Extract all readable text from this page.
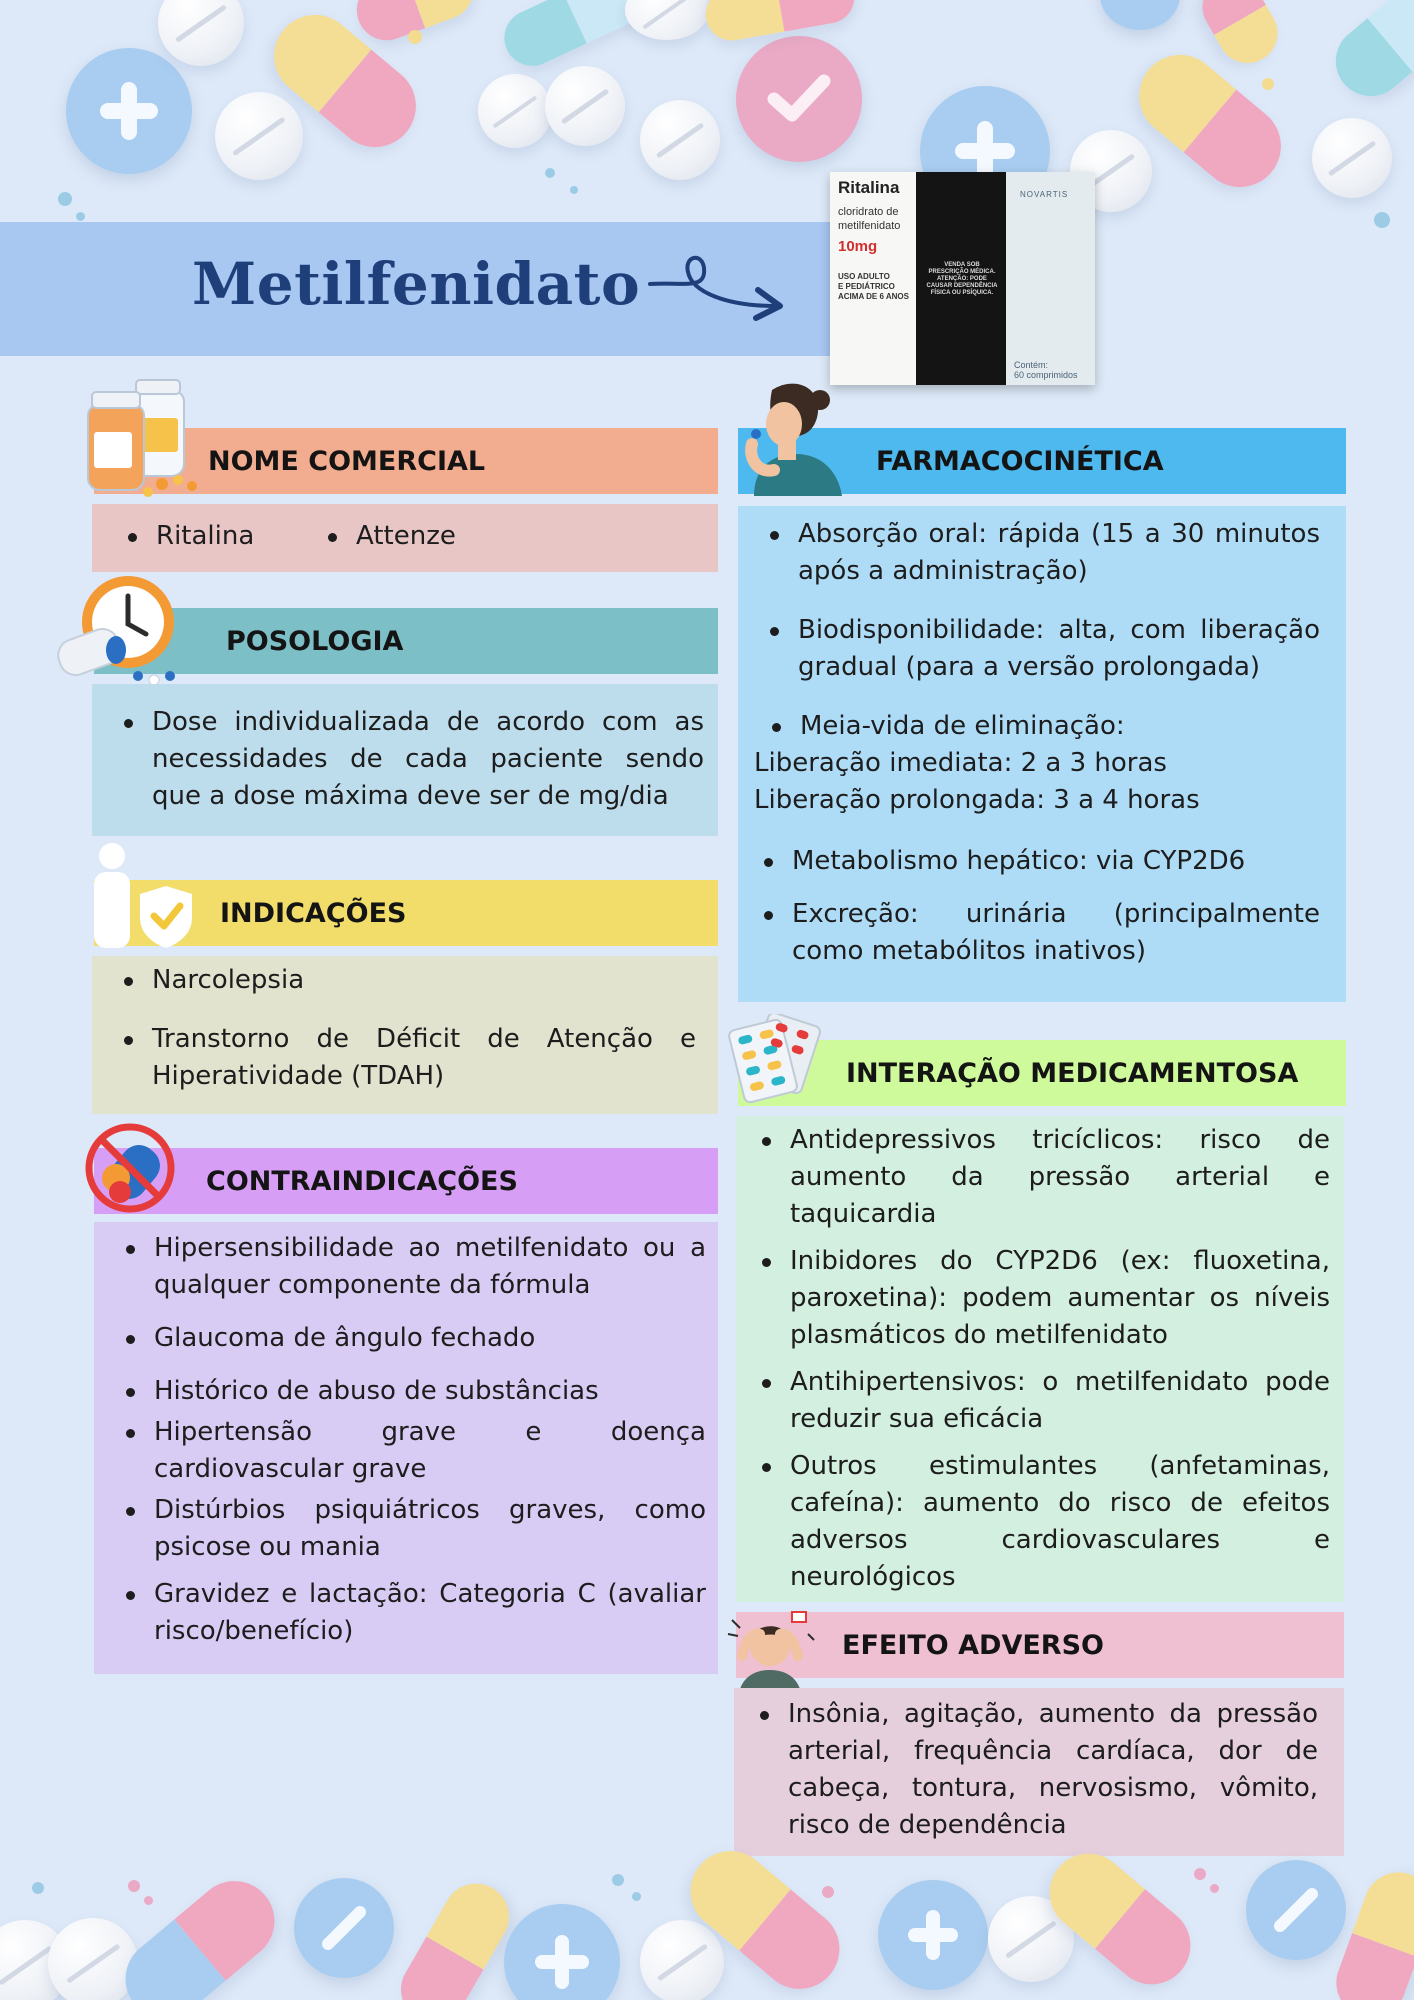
Metilfenidato
Ritalina
cloridrato de
metilfenidato
10mg
USO ADULTO
E PEDIÁTRICO
ACIMA DE 6 ANOS
VENDA SOB PRESCRIÇÃO MÉDICA. ATENÇÃO: PODE CAUSAR DEPENDÊNCIA FÍSICA OU PSÍQUICA.
NOVARTIS
Contém:
60 comprimidos
NOME COMERCIAL
Ritalina	Attenze
POSOLOGIA
Dose individualizada de acordo com as necessidades de cada paciente sendo que a dose máxima deve ser de mg/dia
INDICAÇÕES
Narcolepsia
Transtorno de Déficit de Atenção e Hiperatividade (TDAH)
CONTRAINDICAÇÕES
Hipersensibilidade ao metilfenidato ou a qualquer componente da fórmula
Glaucoma de ângulo fechado
Histórico de abuso de substâncias
Hipertensão grave e doença cardiovascular grave
Distúrbios psiquiátricos graves, como psicose ou mania
Gravidez e lactação: Categoria C (avaliar risco/benefício)
FARMACOCINÉTICA
Absorção oral: rápida (15 a 30 minutos após a administração)
Biodisponibilidade: alta, com liberação gradual (para a versão prolongada)
Meia-vida de eliminação:
Liberação imediata: 2 a 3 horas
Liberação prolongada: 3 a 4 horas
Metabolismo hepático: via CYP2D6
Excreção: urinária (principalmente como metabólitos inativos)
INTERAÇÃO MEDICAMENTOSA
Antidepressivos tricíclicos: risco de aumento da pressão arterial e taquicardia
Inibidores do CYP2D6 (ex: fluoxetina, paroxetina): podem aumentar os níveis plasmáticos do metilfenidato
Antihipertensivos: o metilfenidato pode reduzir sua eficácia
Outros estimulantes (anfetaminas, cafeína): aumento do risco de efeitos adversos cardiovasculares e neurológicos
EFEITO ADVERSO
Insônia, agitação, aumento da pressão arterial, frequência cardíaca, dor de cabeça, tontura, nervosismo, vômito, risco de dependência
